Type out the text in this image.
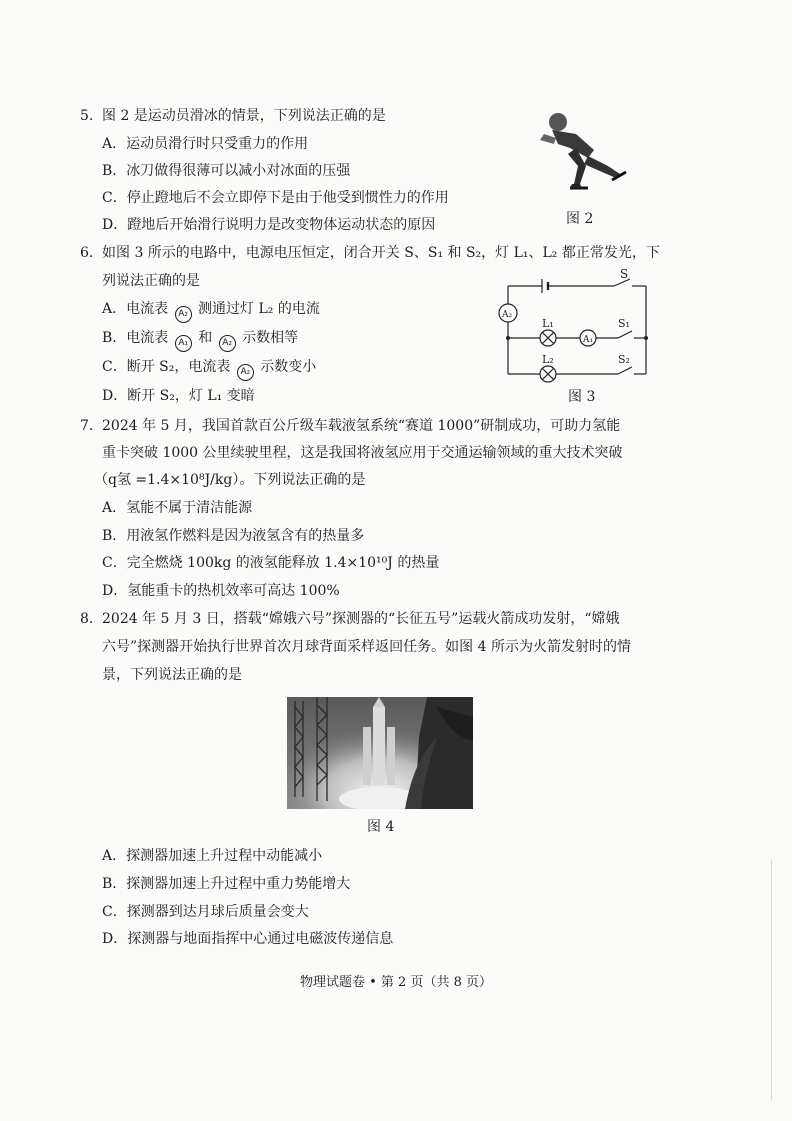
5. 图 2 是运动员滑冰的情景，下列说法正确的是
A．运动员滑行时只受重力的作用
B．冰刀做得很薄可以减小对冰面的压强
C．停止蹬地后不会立即停下是由于他受到惯性力的作用
D．蹬地后开始滑行说明力是改变物体运动状态的原因	图 2
6. 如图 3 所示的电路中，电源电压恒定，闭合开关 S、S₁ 和 S₂，灯 L₁、L₂ 都正常发光，下
列说法正确的是
A．电流表 A₂ 测通过灯 L₂ 的电流
B．电流表 A₁ 和 A₂ 示数相等
C．断开 S₂，电流表 A₂ 示数变小
D．断开 S₂，灯 L₁ 变暗
S
A₂
L₁
A₁
S₁
L₂	S₂
图 3
7. 2024 年 5 月，我国首款百公斤级车载液氢系统“赛道 1000”研制成功，可助力氢能
重卡突破 1000 公里续驶里程，这是我国将液氢应用于交通运输领域的重大技术突破
（q氢 =1.4×10⁸J/kg）。下列说法正确的是
A．氢能不属于清洁能源
B．用液氢作燃料是因为液氢含有的热量多
C．完全燃烧 100kg 的液氢能释放 1.4×10¹⁰J 的热量
D．氢能重卡的热机效率可高达 100%
8. 2024 年 5 月 3 日，搭载“嫦娥六号”探测器的“长征五号”运载火箭成功发射，“嫦娥
六号”探测器开始执行世界首次月球背面采样返回任务。如图 4 所示为火箭发射时的情
景，下列说法正确的是
图 4
A．探测器加速上升过程中动能减小
B．探测器加速上升过程中重力势能增大
C．探测器到达月球后质量会变大
D．探测器与地面指挥中心通过电磁波传递信息
物理试题卷 • 第 2 页（共 8 页）
